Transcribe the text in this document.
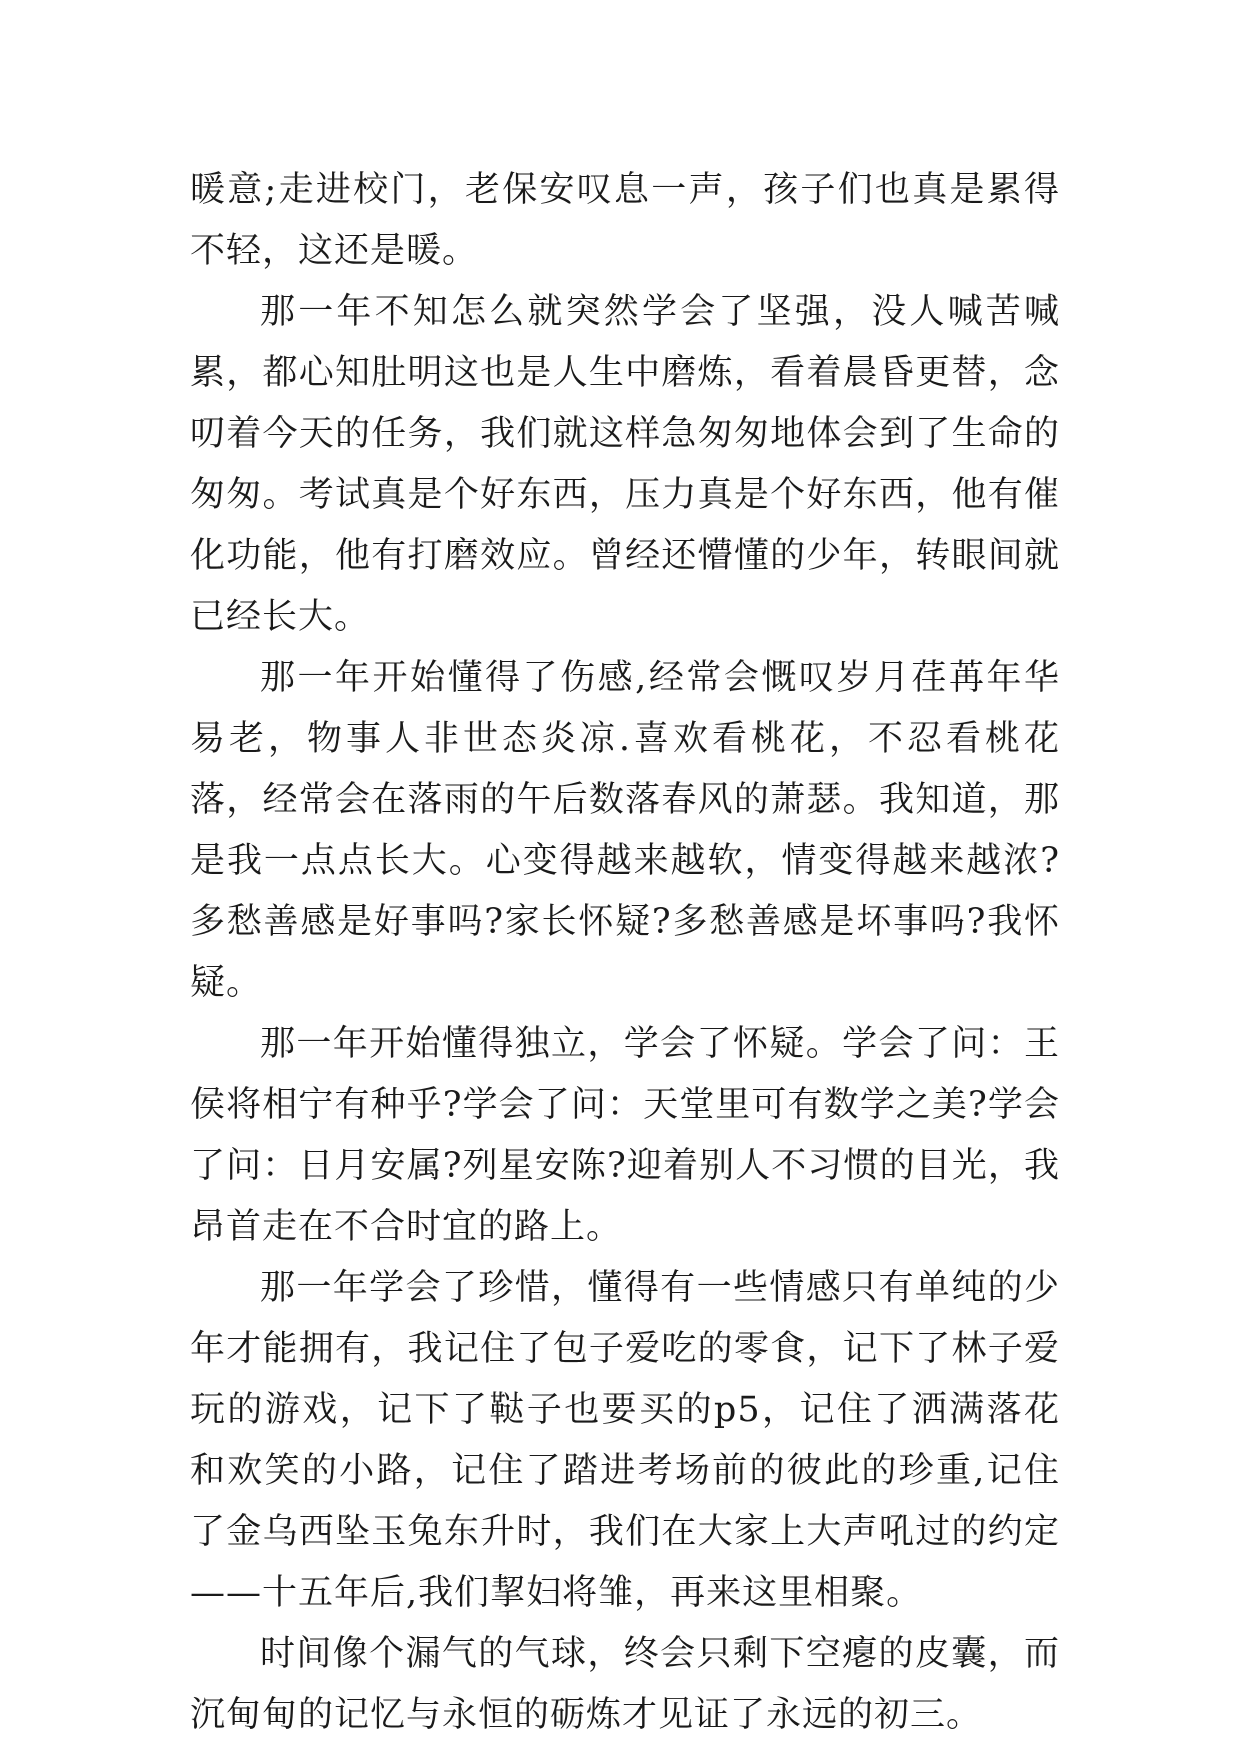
暖意;走进校门，老保安叹息一声，孩子们也真是累得不轻，这还是暖。

那一年不知怎么就突然学会了坚强，没人喊苦喊累，都心知肚明这也是人生中磨炼，看着晨昏更替，念叨着今天的任务，我们就这样急匆匆地体会到了生命的匆匆。考试真是个好东西，压力真是个好东西，他有催化功能，他有打磨效应。曾经还懵懂的少年，转眼间就已经长大。

那一年开始懂得了伤感,经常会慨叹岁月荏苒年华易老，物事人非世态炎凉.喜欢看桃花，不忍看桃花落，经常会在落雨的午后数落春风的萧瑟。我知道，那是我一点点长大。心变得越来越软，情变得越来越浓?多愁善感是好事吗?家长怀疑?多愁善感是坏事吗?我怀疑。

那一年开始懂得独立，学会了怀疑。学会了问：王侯将相宁有种乎?学会了问：天堂里可有数学之美?学会了问：日月安属?列星安陈?迎着别人不习惯的目光，我昂首走在不合时宜的路上。

那一年学会了珍惜，懂得有一些情感只有单纯的少年才能拥有，我记住了包子爱吃的零食，记下了林子爱玩的游戏，记下了鞑子也要买的p5，记住了洒满落花和欢笑的小路，记住了踏进考场前的彼此的珍重,记住了金乌西坠玉兔东升时，我们在大家上大声吼过的约定——十五年后,我们挈妇将雏，再来这里相聚。

时间像个漏气的气球，终会只剩下空瘪的皮囊，而沉甸甸的记忆与永恒的砺炼才见证了永远的初三。
